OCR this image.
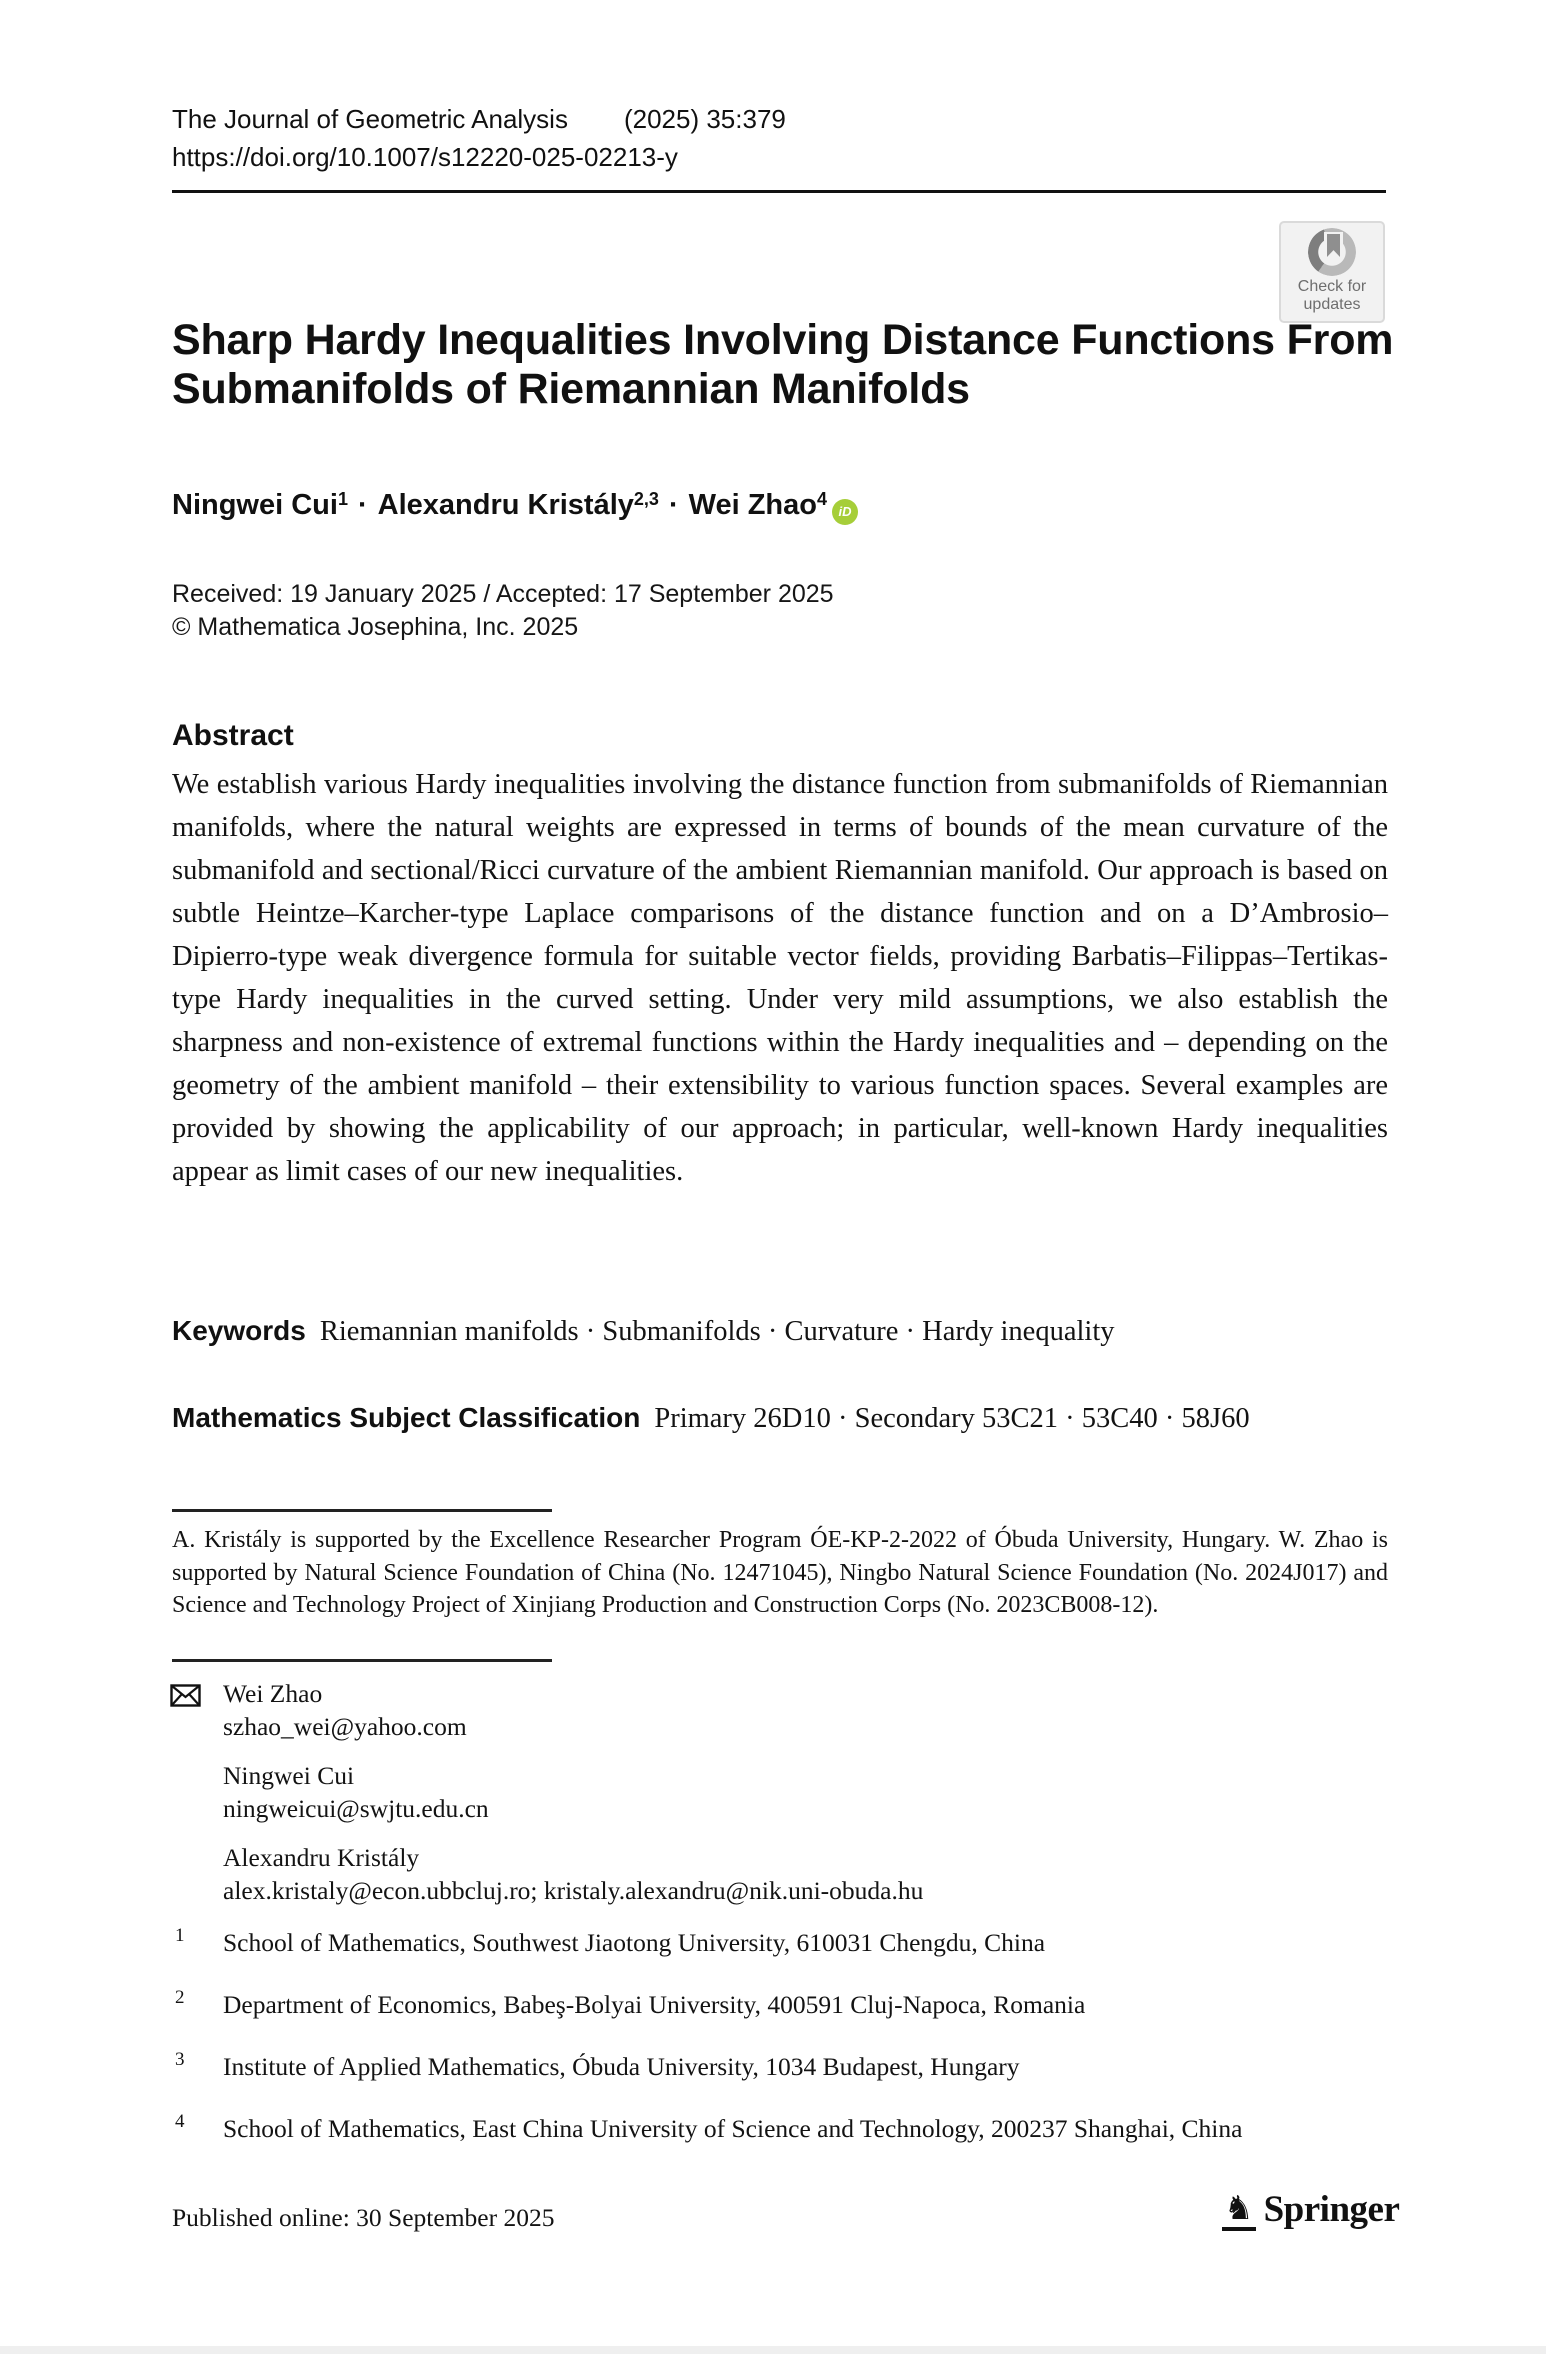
The Journal of Geometric Analysis (2025) 35:379
https://doi.org/10.1007/s12220-025-02213-y
Check for
updates
Sharp Hardy Inequalities Involving Distance Functions From Submanifolds of Riemannian Manifolds
Ningwei Cui$^1$ · Alexandru Kristály$^{2,3}$ · Wei Zhao$^4$iD
Received: 19 January 2025 / Accepted: 17 September 2025
© Mathematica Josephina, Inc. 2025
Abstract
We establish various Hardy inequalities involving the distance function from submanifolds of Riemannian manifolds, where the natural weights are expressed in terms of bounds of the mean curvature of the submanifold and sectional/Ricci curvature of the ambient Riemannian manifold. Our approach is based on subtle Heintze–Karcher-type Laplace comparisons of the distance function and on a D’Ambrosio–Dipierro-type weak divergence formula for suitable vector fields, providing Barbatis–Filippas–Tertikas-type Hardy inequalities in the curved setting. Under very mild assumptions, we also establish the sharpness and non-existence of extremal functions within the Hardy inequalities and – depending on the geometry of the ambient manifold – their extensibility to various function spaces. Several examples are provided by showing the applicability of our approach; in particular, well-known Hardy inequalities appear as limit cases of our new inequalities.
Keywords Riemannian manifolds · Submanifolds · Curvature · Hardy inequality
Mathematics Subject Classification Primary 26D10 · Secondary 53C21 · 53C40 · 58J60
A. Kristály is supported by the Excellence Researcher Program ÓE-KP-2-2022 of Óbuda University, Hungary. W. Zhao is supported by Natural Science Foundation of China (No. 12471045), Ningbo Natural Science Foundation (No. 2024J017) and Science and Technology Project of Xinjiang Production and Construction Corps (No. 2023CB008-12).
Wei Zhao
szhao_wei@yahoo.com
Ningwei Cui
ningweicui@swjtu.edu.cn
Alexandru Kristály
alex.kristaly@econ.ubbcluj.ro; kristaly.alexandru@nik.uni-obuda.hu
1 School of Mathematics, Southwest Jiaotong University, 610031 Chengdu, China
2 Department of Economics, Babeş-Bolyai University, 400591 Cluj-Napoca, Romania
3 Institute of Applied Mathematics, Óbuda University, 1034 Budapest, Hungary
4 School of Mathematics, East China University of Science and Technology, 200237 Shanghai, China
Published online: 30 September 2025	♞ Springer
